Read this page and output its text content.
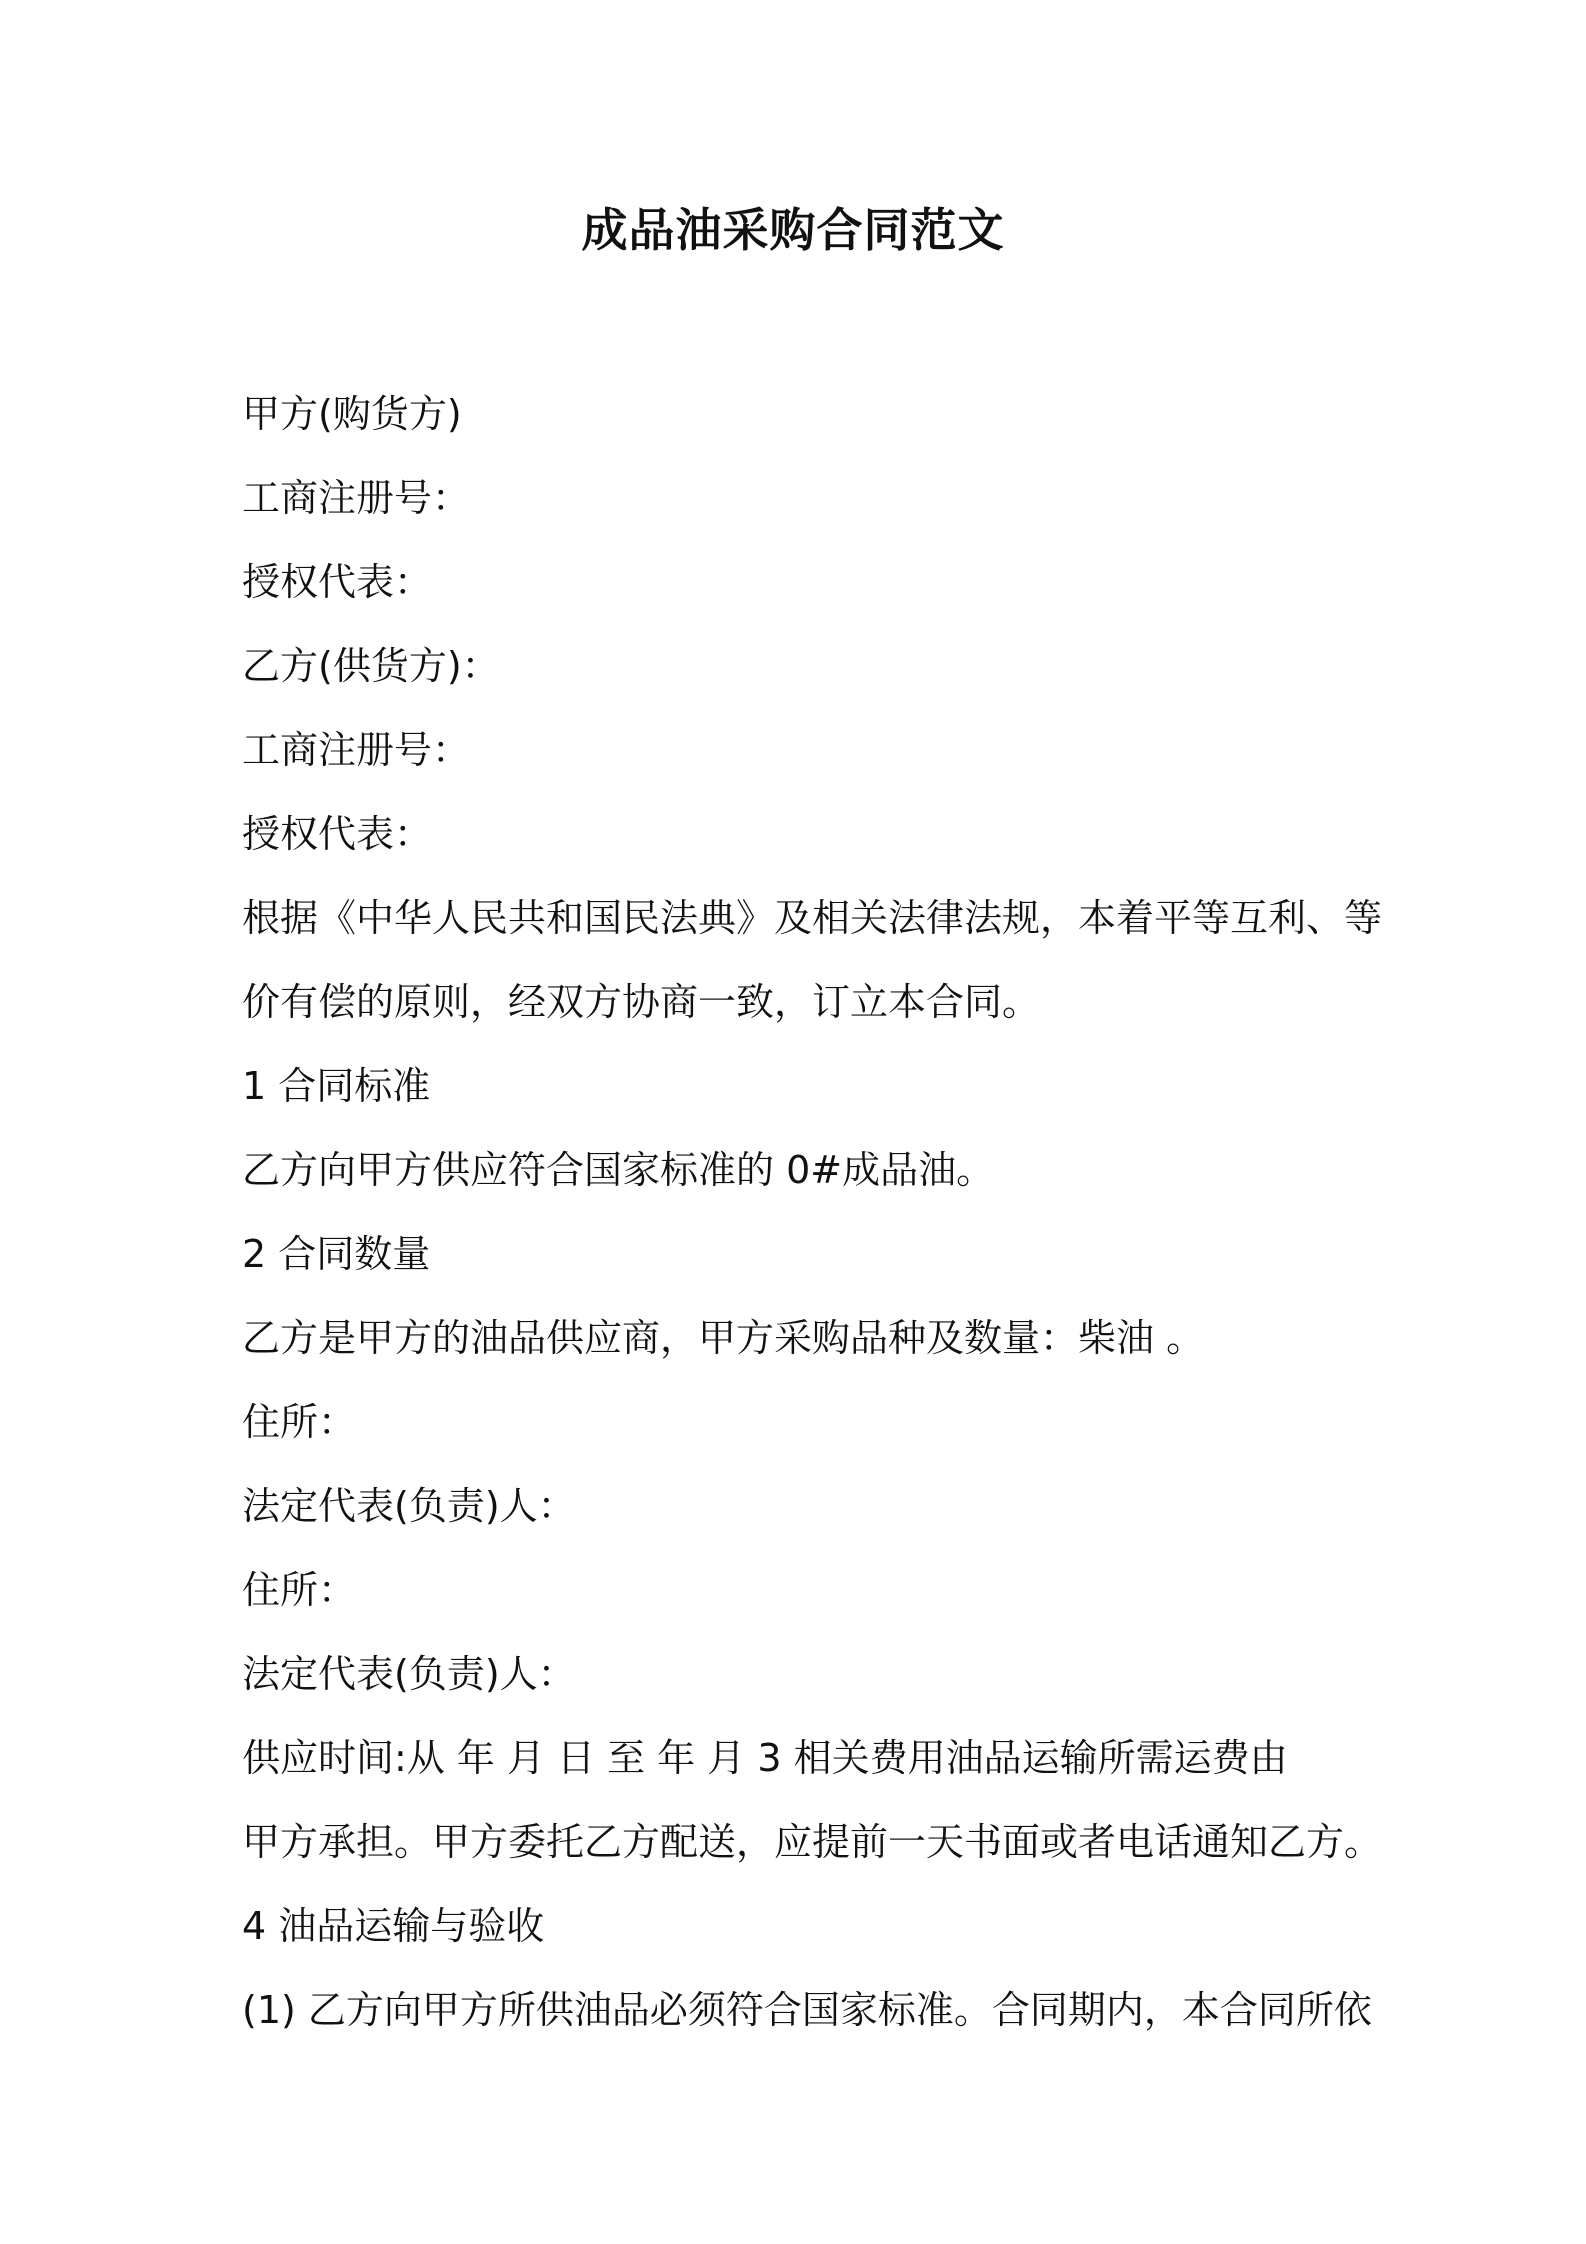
成品油采购合同范文

甲方(购货方)

工商注册号：

授权代表：

乙方(供货方)：

工商注册号：

授权代表：

根据《中华人民共和国民法典》及相关法律法规，本着平等互利、等

价有偿的原则，经双方协商一致，订立本合同。

1 合同标准

乙方向甲方供应符合国家标准的 0#成品油。

2 合同数量

乙方是甲方的油品供应商，甲方采购品种及数量：柴油 。

住所：

法定代表(负责)人：

住所：

法定代表(负责)人：

供应时间:从 年 月 日 至 年 月 3 相关费用油品运输所需运费由

甲方承担。甲方委托乙方配送，应提前一天书面或者电话通知乙方。

4 油品运输与验收

(1) 乙方向甲方所供油品必须符合国家标准。合同期内，本合同所依
